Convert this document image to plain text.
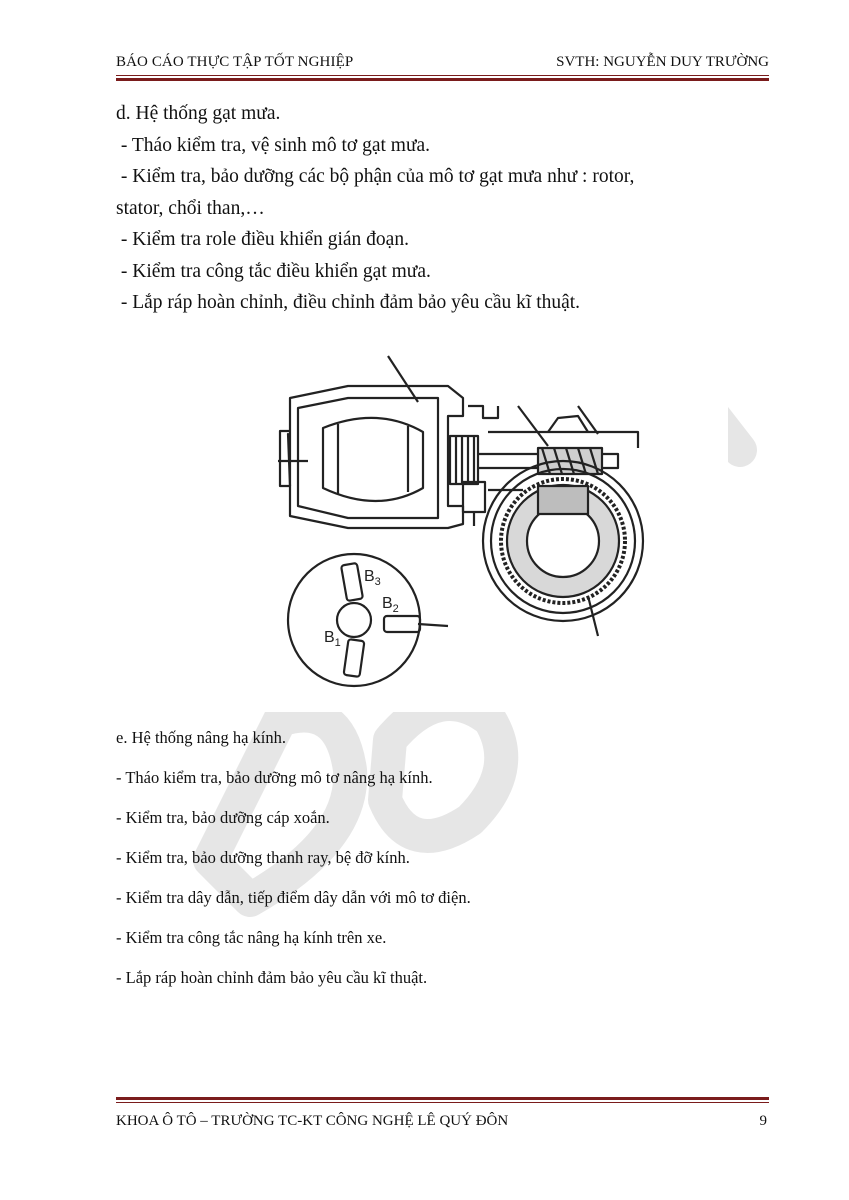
BÁO CÁO THỰC TẬP TỐT NGHIỆP	SVTH: NGUYỄN DUY TRƯỜNG

d. Hệ thống gạt mưa.

- Tháo kiểm tra, vệ sinh mô tơ gạt mưa.

- Kiểm tra, bảo dưỡng các bộ phận của mô tơ gạt mưa như : rotor,

stator, chổi than,…

- Kiểm tra role điều khiển gián đoạn.

- Kiểm tra công tắc điều khiển gạt mưa.

- Lắp ráp hoàn chỉnh, điều chỉnh đảm bảo yêu cầu kĩ thuật.

$B_3$
$B_2$
$B_1$

e. Hệ thống nâng hạ kính.

- Tháo kiểm tra, bảo dưỡng mô tơ nâng hạ kính.

- Kiểm tra, bảo dưỡng cáp xoắn.

- Kiểm tra, bảo dưỡng thanh ray, bệ đỡ kính.

- Kiểm tra dây dẫn, tiếp điểm dây dẫn với mô tơ điện.

- Kiểm tra công tắc nâng hạ kính trên xe.

- Lắp ráp hoàn chỉnh đảm bảo yêu cầu kĩ thuật.

KHOA Ô TÔ – TRƯỜNG TC-KT CÔNG NGHỆ LÊ QUÝ ĐÔN	9
